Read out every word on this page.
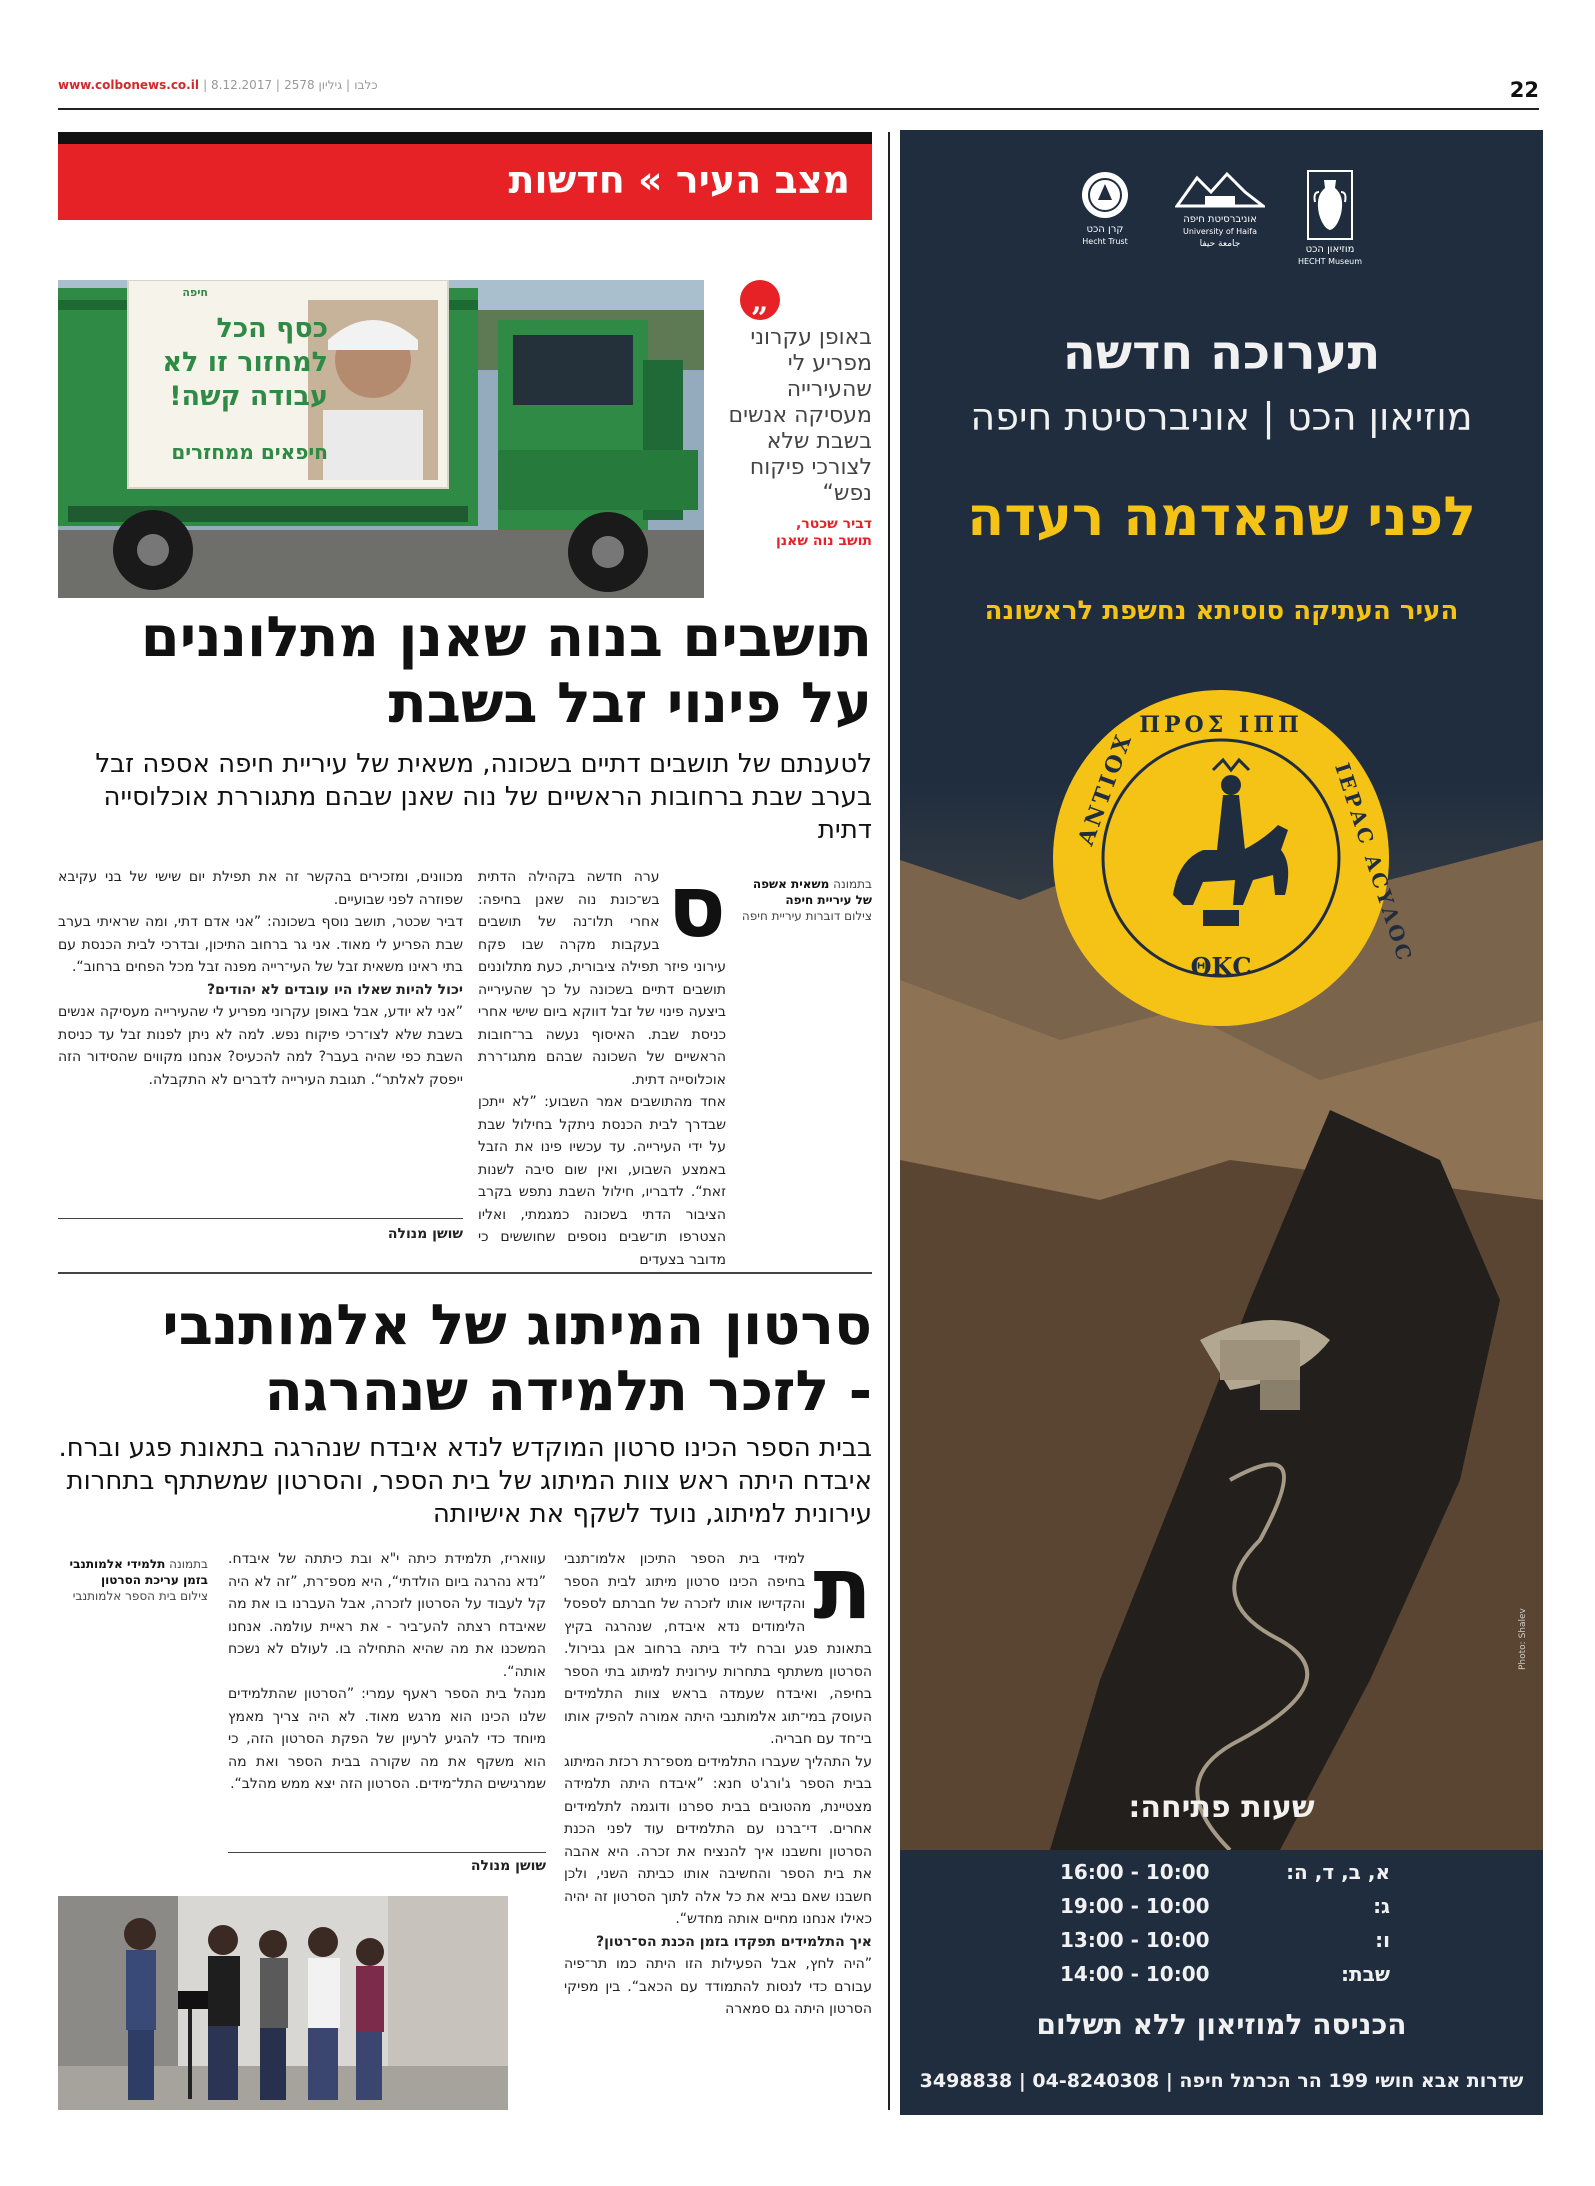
www.colbonews.co.il |	כלבו | גיליון 2578 | 8.12.2017	22
מצב העיר » חדשות
כסף הכל למחזור זו לא עבודה קשה!
חיפאים ממחזרים
חיפה	„
באופן עקרוני מפריע לי שהעירייה מעסיקה אנשים בשבת שלא לצורכי פיקוח נפש“
דביר שכטר,
תושב נוה שאנן
תושבים בנוה שאנן מתלוננים
על פינוי זבל בשבת
לטענתם של תושבים דתיים בשכונה, משאית של עיריית חיפה אספה זבל בערב שבת ברחובות הראשיים של נוה שאנן שבהם מתגוררת אוכלוסייה דתית
בתמונה משאית אשפה של עיריית חיפה
צילום דוברות עיריית חיפה
ס
ערה חדשה בקהילה הדתית בש־כונת נוה שאנן בחיפה: אחרי תלו־נה של תושבים בעקבות מקרה שבו פקח עירוני פיזר תפילה ציבורית, כעת מתלוננים תושבים דתיים בשכונה על כך שהעירייה ביצעה פינוי של זבל דווקא ביום שישי אחרי כניסת שבת. האיסוף נעשה בר־חובות הראשיים של השכונה שבהם מתגו־ררת אוכלוסייה דתית.
אחד מהתושבים אמר השבוע: ”לא ייתכן שבדרך לבית הכנסת ניתקל בחילול שבת על ידי העירייה. עד עכשיו פינו את הזבל באמצע השבוע, ואין שום סיבה לשנות זאת“. לדבריו, חילול השבת נתפש בקרב הציבור הדתי בשכונה כמגמתי, ואליו הצטרפו תו־שבים נוספים שחוששים כי מדובר בצעדים
מכוונים, ומזכירים בהקשר זה את תפילת יום שישי של בני עקיבא שפוזרה לפני שבועיים.
דביר שכטר, תושב נוסף בשכונה: ”אני אדם דתי, ומה שראיתי בערב שבת הפריע לי מאוד. אני גר ברחוב התיכון, ובדרכי לבית הכנסת עם בתי ראינו משאית זבל של העי־רייה מפנה זבל מכל הפחים ברחוב“.
יכול להיות שאלו היו עובדים לא יהודים?
”אני לא יודע, אבל באופן עקרוני מפריע לי שהעירייה מעסיקה אנשים בשבת שלא לצו־רכי פיקוח נפש. למה לא ניתן לפנות זבל עד כניסת השבת כפי שהיה בעבר? למה להכעיס? אנחנו מקווים שהסידור הזה ייפסק לאלתר“. תגובת העירייה לדברים לא התקבלה.
שושן מנולה
סרטון המיתוג של אלמותנבי
- לזכר תלמידה שנהרגה
בבית הספר הכינו סרטון המוקדש לנדא איבדח שנהרגה בתאונת פגע וברח. איבדח היתה ראש צוות המיתוג של בית הספר, והסרטון שמשתתף בתחרות עירונית למיתוג, נועד לשקף את אישיותה
ת
למידי בית הספר התיכון אלמו־תנבי בחיפה הכינו סרטון מיתוג לבית הספר והקדישו אותו לזכרה של חברתם לספסל הלימודים נדא איבדח, שנהרגה בקיץ בתאונת פגע וברח ליד ביתה ברחוב אבן גבירול. הסרטון משתתף בתחרות עירונית למיתוג בתי הספר בחיפה, ואיבדח שעמדה בראש צוות התלמידים העוסק במי־תוג אלמותנבי היתה אמורה להפיק אותו בי־חד עם חבריה.
על התהליך שעברו התלמידים מספ־רת רכזת המיתוג בבית הספר ג'ורג'ט חנא: ”איבדח היתה תלמידה מצטיינת, מהטובים בבית ספרנו ודוגמה לתלמידים אחרים. די־ברנו עם התלמידים עוד לפני הכנת הסרטון וחשבנו איך להנציח את זכרה. היא אהבה את בית הספר והחשיבה אותו כביתה השני, ולכן חשבנו שאם נביא את כל אלה לתוך הסרטון זה יהיה כאילו אנחנו מחיים אותה מחדש“.
איך התלמידים תפקדו בזמן הכנת הס־רטון?
”היה לחץ, אבל הפעילות הזו היתה כמו תר־פיה עבורם כדי לנסות להתמודד עם הכאב“. בין מפיקי הסרטון היתה גם סמארה
עוואריז, תלמידת כיתה י"א ובת כיתתה של איבדח. ”נדא נהרגה ביום הולדתי“, היא מספ־רת, ”זה לא היה קל לעבוד על הסרטון לזכרה, אבל העברנו בו את מה שאיבדח רצתה להע־ביר - את ראיית עולמה. אנחנו המשכנו את מה שהיא התחילה בו. לעולם לא נשכח אותה“.
מנהל בית הספר ראעף עמרי: ”הסרטון שהתלמידים שלנו הכינו הוא מרגש מאוד. לא היה צריך מאמץ מיוחד כדי להגיע לרעיון של הפקת הסרטון הזה, כי הוא משקף את מה שקורה בבית הספר ואת מה שמרגישים התל־מידים. הסרטון הזה יצא ממש מהלב“.
בתמונה תלמידי אלמותנבי בזמן עריכת הסרטון
צילום בית הספר אלמותנבי
שושן מנולה
מוזיאון הכט
HECHT Museum
אוניברסיטת חיפה
University of Haifa
جامعة حيفا
קרן הכט
Hecht Trust
תערוכה חדשה
מוזיאון הכט | אוניברסיטת חיפה
לפני שהאדמה רעדה
העיר העתיקה סוסיתא נחשפת לראשונה
ΘΚC
ΠΡΟΣ ΙΠΠ
ΑΝΤΙΟΧ	ΙΕΡΑC ΑCΥΛΟC
Photo: Shalev
שעות פתיחה:
א, ב, ד, ה:
16:00 - 10:00
ג:
19:00 - 10:00
ו:
13:00 - 10:00
שבת:
14:00 - 10:00
הכניסה למוזיאון ללא תשלום
שדרות אבא חושי 199 הר הכרמל חיפה | 04-8240308 | 3498838
